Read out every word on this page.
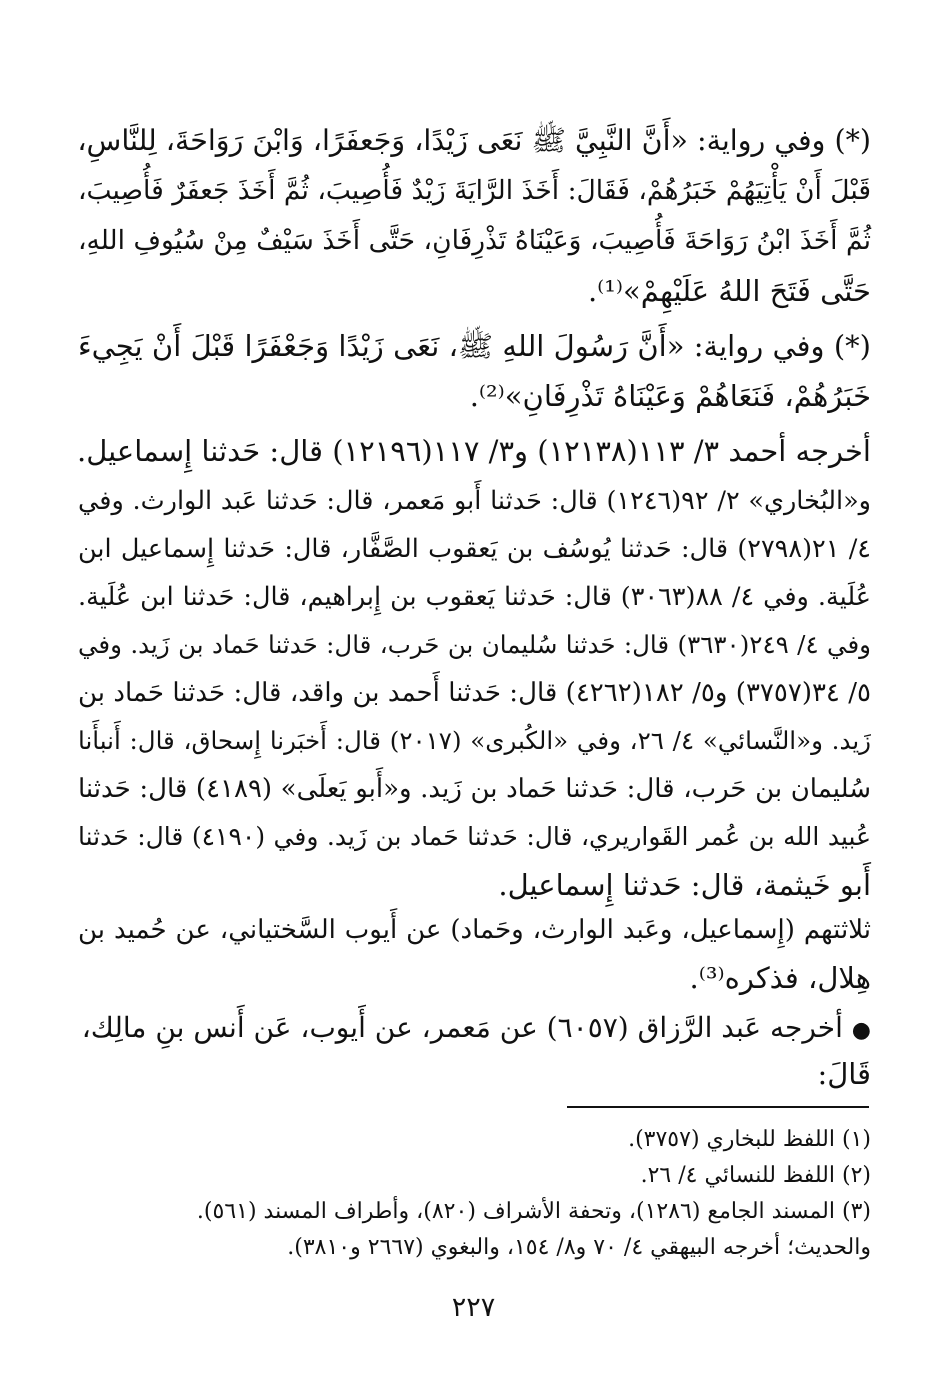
(*) وفي رواية: «أَنَّ النَّبِيَّ ﷺ نَعَى زَيْدًا، وَجَعفَرًا، وَابْنَ رَوَاحَةَ، لِلنَّاسِ،
قَبْلَ أَنْ يَأْتِيَهُمْ خَبَرُهُمْ، فَقَالَ: أَخَذَ الرَّايَةَ زَيْدٌ فَأُصِيبَ، ثُمَّ أَخَذَ جَعفَرٌ فَأُصِيبَ،
ثُمَّ أَخَذَ ابْنُ رَوَاحَةَ فَأُصِيبَ، وَعَيْنَاهُ تَذْرِفَانِ، حَتَّى أَخَذَ سَيْفٌ مِنْ سُيُوفِ اللهِ،
حَتَّى فَتَحَ اللهُ عَلَيْهِمْ»⁽¹⁾.
(*) وفي رواية: «أَنَّ رَسُولَ اللهِ ﷺ، نَعَى زَيْدًا وَجَعْفَرًا قَبْلَ أَنْ يَجِيءَ
خَبَرُهُمْ، فَنَعَاهُمْ وَعَيْنَاهُ تَذْرِفَانِ»⁽²⁾.
أخرجه أحمد ٣/ ١١٣(١٢١٣٨) و٣/ ١١٧(١٢١٩٦) قال: حَدثنا إِسماعيل.
و«البُخاري» ٢/ ٩٢(١٢٤٦) قال: حَدثنا أَبو مَعمر، قال: حَدثنا عَبد الوارث. وفي
٤/ ٢١(٢٧٩٨) قال: حَدثنا يُوسُف بن يَعقوب الصَّفَّار، قال: حَدثنا إِسماعيل ابن
عُلَية. وفي ٤/ ٨٨(٣٠٦٣) قال: حَدثنا يَعقوب بن إِبراهيم، قال: حَدثنا ابن عُلَية.
وفي ٤/ ٢٤٩(٣٦٣٠) قال: حَدثنا سُليمان بن حَرب، قال: حَدثنا حَماد بن زَيد. وفي
٥/ ٣٤(٣٧٥٧) و٥/ ١٨٢(٤٢٦٢) قال: حَدثنا أَحمد بن واقد، قال: حَدثنا حَماد بن
زَيد. و«النَّسائي» ٤/ ٢٦، وفي «الكُبرى» (٢٠١٧) قال: أَخبَرنا إِسحاق، قال: أَنبأَنا
سُليمان بن حَرب، قال: حَدثنا حَماد بن زَيد. و«أَبو يَعلَى» (٤١٨٩) قال: حَدثنا
عُبيد الله بن عُمر القَواريري، قال: حَدثنا حَماد بن زَيد. وفي (٤١٩٠) قال: حَدثنا
أَبو خَيثمة، قال: حَدثنا إِسماعيل.
ثلاثتهم (إِسماعيل، وعَبد الوارث، وحَماد) عن أَيوب السَّختياني، عن حُميد بن
هِلال، فذكره⁽³⁾.
● أخرجه عَبد الرَّزاق (٦٠٥٧) عن مَعمر، عن أَيوب، عَن أَنس بنِ مالِك،
قَالَ:
(١) اللفظ للبخاري (٣٧٥٧).
(٢) اللفظ للنسائي ٤/ ٢٦.
(٣) المسند الجامع (١٢٨٦)، وتحفة الأشراف (٨٢٠)، وأطراف المسند (٥٦١).
والحديث؛ أخرجه البيهقي ٤/ ٧٠ و٨/ ١٥٤، والبغوي (٢٦٦٧ و٣٨١٠).
٢٢٧
